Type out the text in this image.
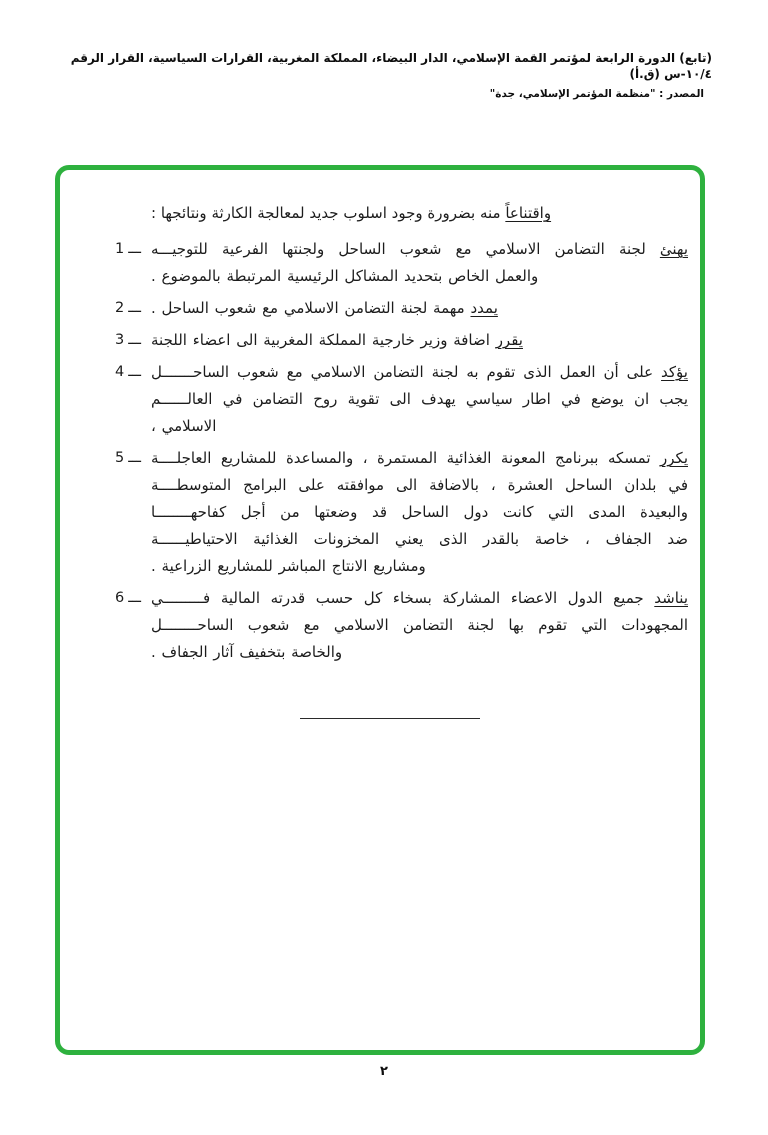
(تابع) الدورة الرابعة لمؤتمر القمة الإسلامي، الدار البيضاء، المملكة المغربية، القرارات السياسية، القرار الرقم ١٠/٤-س (ق.أ)
المصدر : "منظمة المؤتمر الإسلامي، جدة"
واقتناعاً منه بضرورة وجود اسلوب جديد لمعالجة الكارثة ونتائجها :
1 ـــ	يهنئ لجنة التضامن الاسلامي مع شعوب الساحل ولجنتها الفرعية للتوجيـــه
والعمل الخاص بتحديد المشاكل الرئيسية المرتبطة بالموضوع .
2 ـــ	يمدد مهمة لجنة التضامن الاسلامي مع شعوب الساحل .
3 ـــ	يقرر اضافة وزير خارجية المملكة المغربية الى اعضاء اللجنة
4 ـــ	يؤكد على أن العمل الذى تقوم به لجنة التضامن الاسلامي مع شعوب الساحـــــــل
يجب ان يوضع في اطار سياسي يهدف الى تقوية روح التضامن في العالــــــم
الاسلامي ،
5 ـــ	يكرر تمسكه ببرنامج المعونة الغذائية المستمرة ، والمساعدة للمشاريع العاجلــــة
في بلدان الساحل العشرة ، بالاضافة الى موافقته على البرامج المتوسطــــة
والبعيدة المدى التي كانت دول الساحل قد وضعتها من أجل كفاحهــــــــا
ضد الجفاف ، خاصة بالقدر الذى يعني المخزونات الغذائية الاحتياطيــــــة
ومشاريع الانتاج المباشر للمشاريع الزراعية .
6 ـــ	يناشد جميع الدول الاعضاء المشاركة بسخاء كل حسب قدرته المالية فـــــــــي
المجهودات التي تقوم بها لجنة التضامن الاسلامي مع شعوب الساحــــــــل
والخاصة بتخفيف آثار الجفاف .
٢
